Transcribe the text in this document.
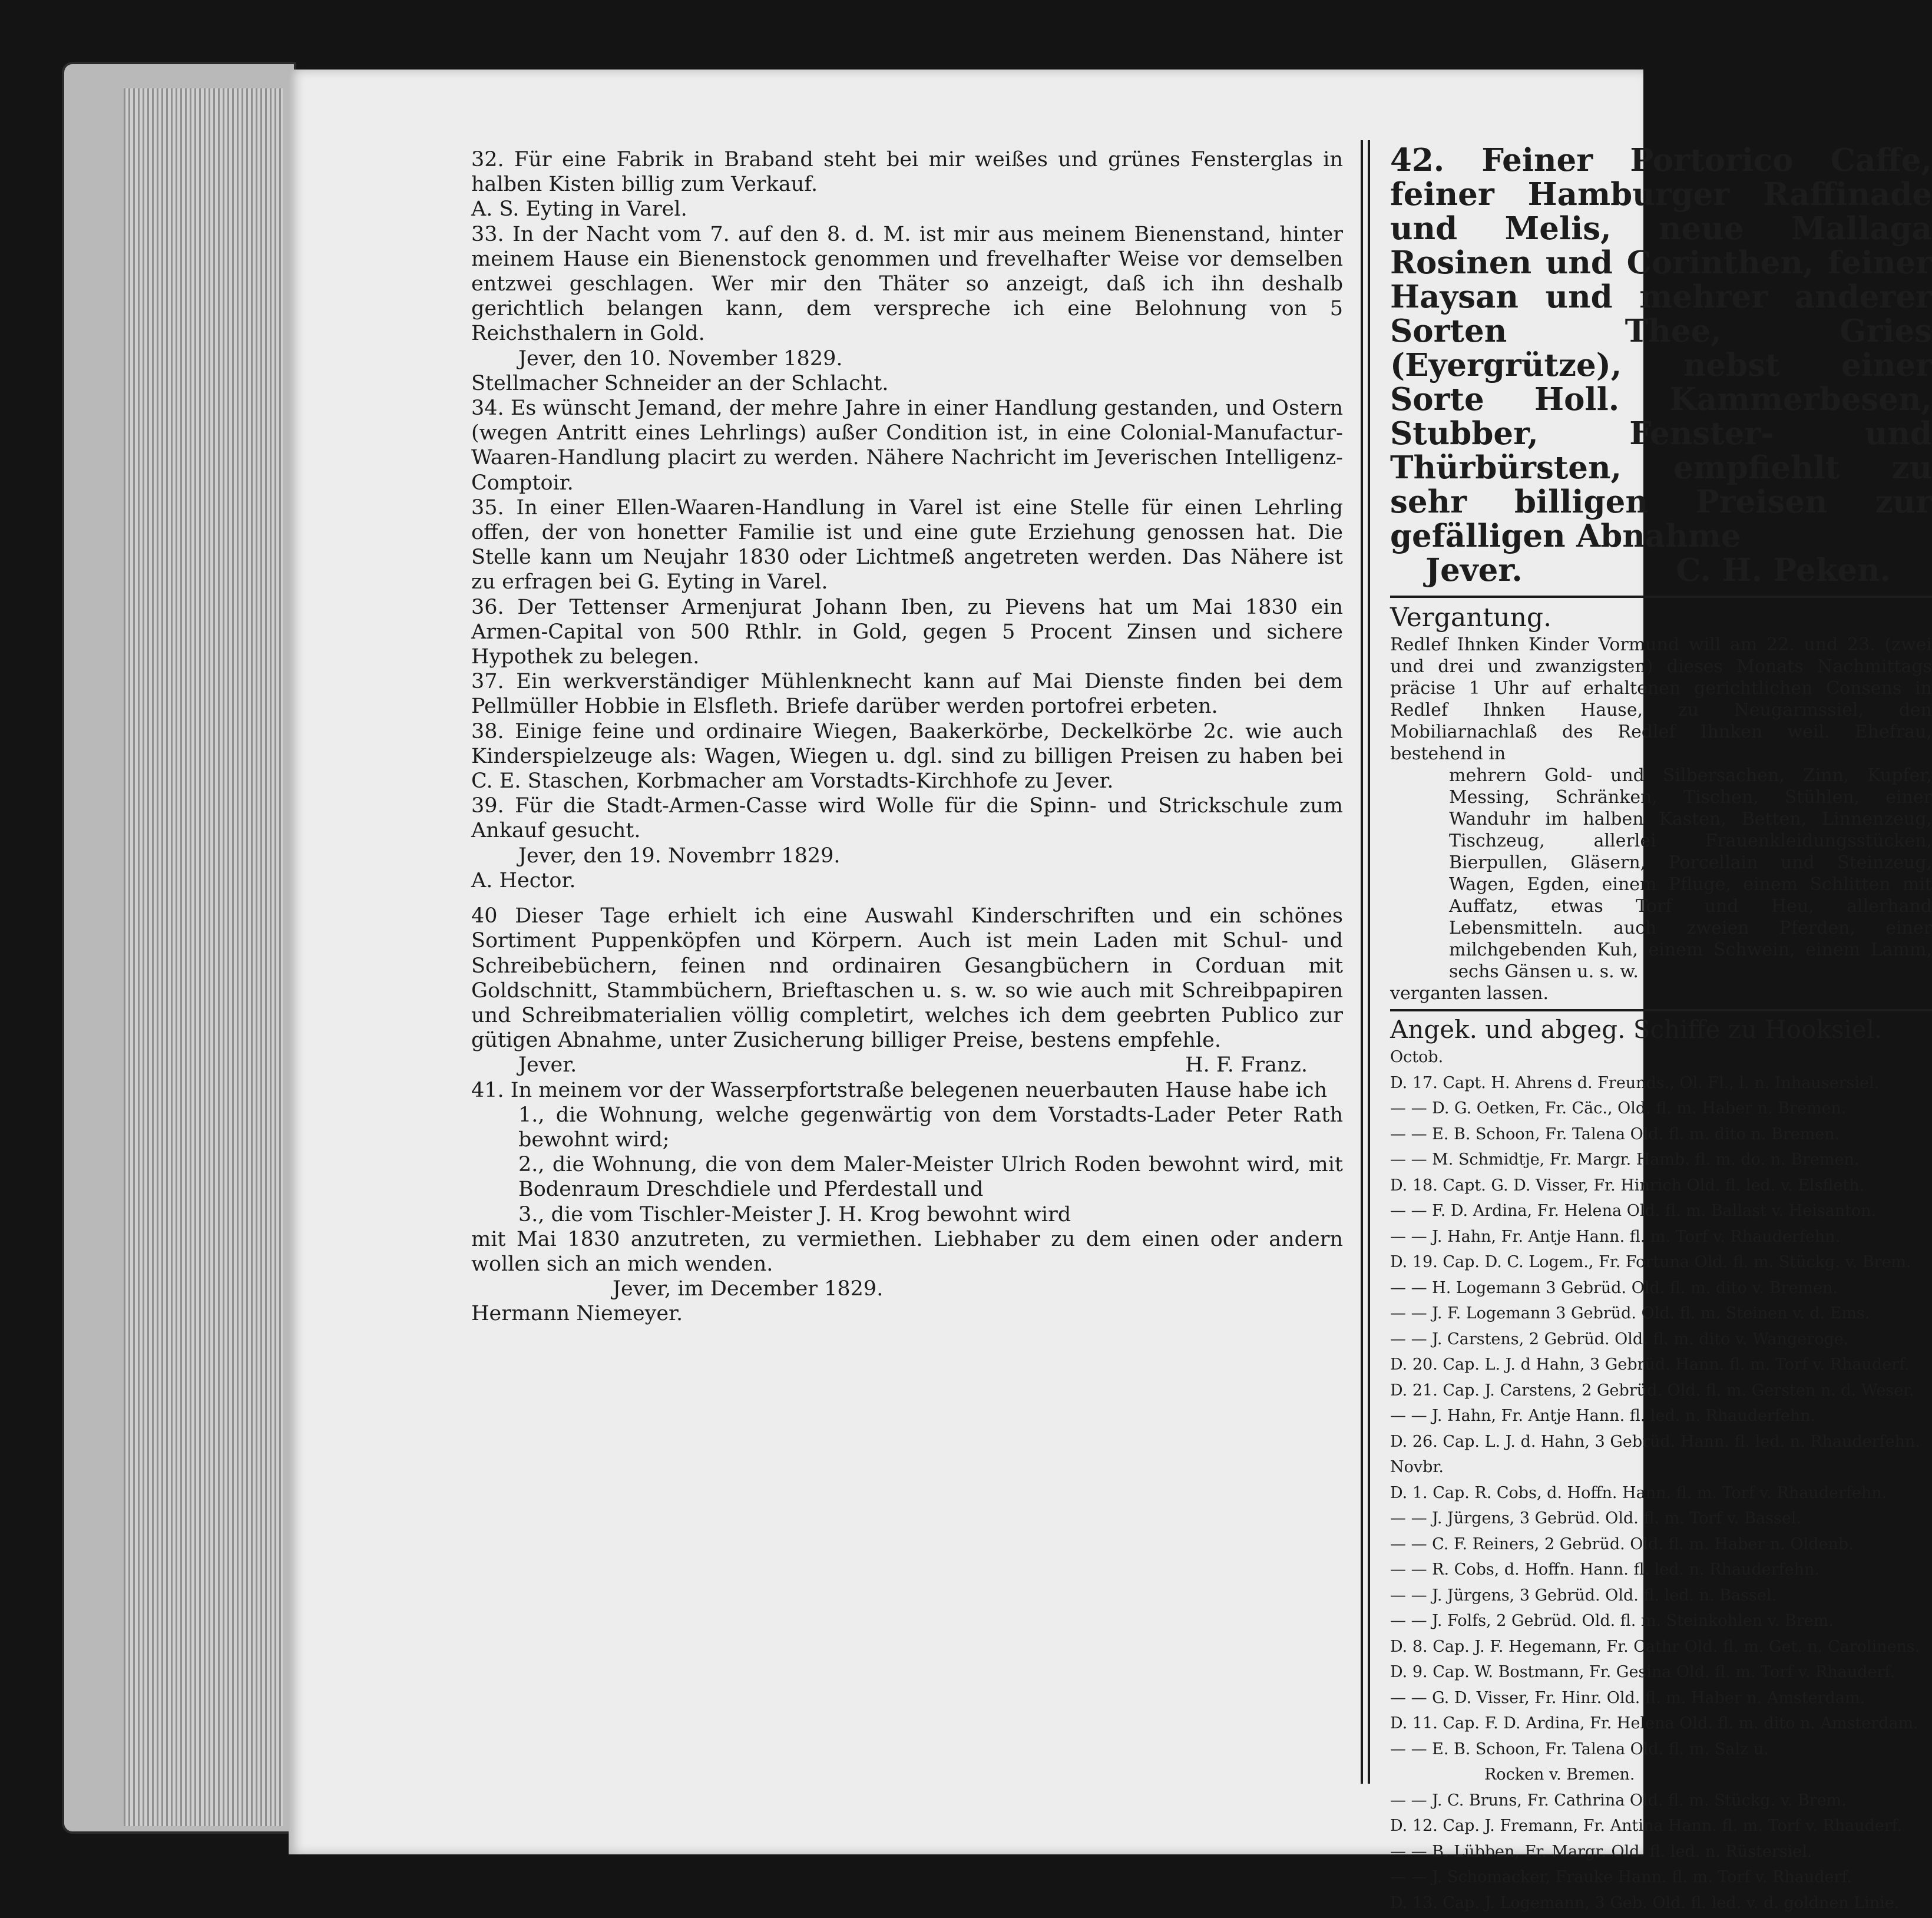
32. Für eine Fabrik in Braband steht bei mir weißes und grünes Fensterglas in halben Kisten billig zum Verkauf.

A. S. Eyting in Varel.

33. In der Nacht vom 7. auf den 8. d. M. ist mir aus meinem Bienenstand, hinter meinem Hause ein Bienenstock genommen und frevelhafter Weise vor demselben entzwei geschlagen. Wer mir den Thäter so anzeigt, daß ich ihn deshalb gerichtlich belangen kann, dem verspreche ich eine Belohnung von 5 Reichsthalern in Gold.

Jever, den 10. November 1829.

Stellmacher Schneider an der Schlacht.

34. Es wünscht Jemand, der mehre Jahre in einer Handlung gestanden, und Ostern (wegen Antritt eines Lehrlings) außer Condition ist, in eine Colonial-Manufactur-Waaren-Handlung placirt zu werden. Nähere Nachricht im Jeverischen Intelligenz-Comptoir.

35. In einer Ellen-Waaren-Handlung in Varel ist eine Stelle für einen Lehrling offen, der von honetter Familie ist und eine gute Erziehung genossen hat. Die Stelle kann um Neujahr 1830 oder Lichtmeß angetreten werden. Das Nähere ist zu erfragen bei G. Eyting in Varel.

36. Der Tettenser Armenjurat Johann Iben, zu Pievens hat um Mai 1830 ein Armen-Capital von 500 Rthlr. in Gold, gegen 5 Procent Zinsen und sichere Hypothek zu belegen.

37. Ein werkverständiger Mühlenknecht kann auf Mai Dienste finden bei dem Pellmüller Hobbie in Elsfleth. Briefe darüber werden portofrei erbeten.

38. Einige feine und ordinaire Wiegen, Baakerkörbe, Deckelkörbe 2c. wie auch Kinderspielzeuge als: Wagen, Wiegen u. dgl. sind zu billigen Preisen zu haben bei C. E. Staschen, Korbmacher am Vorstadts-Kirchhofe zu Jever.

39. Für die Stadt-Armen-Casse wird Wolle für die Spinn- und Strickschule zum Ankauf gesucht.

Jever, den 19. Novembrr 1829.

A. Hector.

40 Dieser Tage erhielt ich eine Auswahl Kinderschriften und ein schönes Sortiment Puppenköpfen und Körpern. Auch ist mein Laden mit Schul- und Schreibebüchern, feinen nnd ordinairen Gesangbüchern in Corduan mit Goldschnitt, Stammbüchern, Brieftaschen u. s. w. so wie auch mit Schreibpapiren und Schreibmaterialien völlig completirt, welches ich dem geebrten Publico zur gütigen Abnahme, unter Zusicherung billiger Preise, bestens empfehle.

Jever.	H. F. Franz.

41. In meinem vor der Wasserpfortstraße belegenen neuerbauten Hause habe ich

1., die Wohnung, welche gegenwärtig von dem Vorstadts-Lader Peter Rath bewohnt wird;

2., die Wohnung, die von dem Maler-Meister Ulrich Roden bewohnt wird, mit Bodenraum Dreschdiele und Pferdestall und

3., die vom Tischler-Meister J. H. Krog bewohnt wird

mit Mai 1830 anzutreten, zu vermiethen. Liebhaber zu dem einen oder andern wollen sich an mich wenden.

Jever, im December 1829.

Hermann Niemeyer.

42. Feiner Portorico Caffe, feiner Hamburger Raffinade und Melis, neue Mallaga Rosinen und Corinthen, feiner Haysan und mehrer anderer Sorten Thee, Gries (Eyergrütze), nebst einer Sorte Holl. Kammerbesen, Stubber, Fenster- und Thürbürsten, empfiehlt zu sehr billigen Preisen zur gefälligen Abnahme

Jever.	C. H. Peken.

Vergantung.

Redlef Ihnken Kinder Vormund will am 22. und 23. (zwei und drei und zwanzigsten) dieses Monats Nachmittags präcise 1 Uhr auf erhaltenen gerichtlichen Consens in Redlef Ihnken Hause, zu Neugarmssiel, den Mobiliarnachlaß des Redlef Ihnken weil. Ehefrau, bestehend in

mehrern Gold- und Silbersachen, Zinn, Kupfer, Messing, Schränken, Tischen, Stühlen, einer Wanduhr im halben Kasten, Betten, Linnenzeug, Tischzeug, allerlei Frauenkleidungsstücken, Bierpullen, Gläsern, Porcellain und Steinzeug, Wagen, Egden, einem Pfluge, einem Schlitten mit Auffatz, etwas Torf und Heu, allerhand Lebensmitteln. auch zweien Pferden, einer milchgebenden Kuh, einem Schwein, einem Lamm, sechs Gänsen u. s. w.

verganten lassen.

Angek. und abgeg. Schiffe zu Hooksiel.

Octob.
D. 17. Capt. H. Ahrens d. Freunds., Ol. Fl., l. n. Inhausersiel.
— — D. G. Oetken, Fr. Cäc., Old. fl. m. Haber n. Bremen.
— — E. B. Schoon, Fr. Talena Old. fl. m. dito n. Bremen.
— — M. Schmidtje, Fr. Margr. Hamb. fl. m. do. n. Bremen.
D. 18. Capt. G. D. Visser, Fr. Hinrich Old. fl. led. v. Elsfleth.
— — F. D. Ardina, Fr. Helena Old. fl. m. Ballast v. Heisanton.
— — J. Hahn, Fr. Antje Hann. fl. m. Torf v. Rhauderfehn.
D. 19. Cap. D. C. Logem., Fr. Fortuna Old. fl. m. Stückg. v. Brem.
— — H. Logemann 3 Gebrüd. Old. fl. m. dito v. Bremen.
— — J. F. Logemann 3 Gebrüd. Old. fl. m. Steinen v. d. Ems.
— — J. Carstens, 2 Gebrüd. Old. fl. m. dito v. Wangeroge.
D. 20. Cap. L. J. d Hahn, 3 Gebrüd. Hann. fl. m. Torf v. Rhauderf.
D. 21. Cap. J. Carstens, 2 Gebrüd. Old. fl. m. Gersten n. d. Weser.
— — J. Hahn, Fr. Antje Hann. fl. led. n. Rhauderfehn.
D. 26. Cap. L. J. d. Hahn, 3 Gebrüd. Hann. fl. led. n. Rhauderfehn.
Novbr.
D. 1. Cap. R. Cobs, d. Hoffn. Hann. fl. m. Torf v. Rhauderfehn.
— — J. Jürgens, 3 Gebrüd. Old. fl. m. Torf v. Bassel.
— — C. F. Reiners, 2 Gebrüd. Old. fl. m. Haber n. Oldenb.
— — R. Cobs, d. Hoffn. Hann. fl. led. n. Rhauderfehn.
— — J. Jürgens, 3 Gebrüd. Old. fl. led. n. Bassel.
— — J. Folfs, 2 Gebrüd. Old. fl. m. Steinkohlen v. Brem.
D. 8. Cap. J. F. Hegemann, Fr. Cathr Old. fl. m. Get. n. Carolinens.
D. 9. Cap. W. Bostmann, Fr. Gesina Old. fl. m. Torf v. Rhauderf.
— — G. D. Visser, Fr. Hinr. Old. fl. m. Haber n. Amsterdam.
D. 11. Cap. F. D. Ardina, Fr. Helena Old. fl. m. dito n. Amsterdam.
— — E. B. Schoon, Fr. Talena Old. fl. m. Salz u.
Rocken v. Bremen.
— — J. C. Bruns, Fr. Cathrina Old. fl. m. Stückg. v. Brem.
D. 12. Cap. J. Fremann, Fr. Antina Hann. fl. m. Torf v. Rhauderf.
— — B. Lübben, Fr. Margr. Old. fl. led. n. Rüstersiel.
— — J. Schomacker, Frauke Hann. fl. m. Torf v. Rhauderf.
D. 13. Cap. J. Logemann, 3 Geb. Old. fl. led. v. d. goldnen Linie.
